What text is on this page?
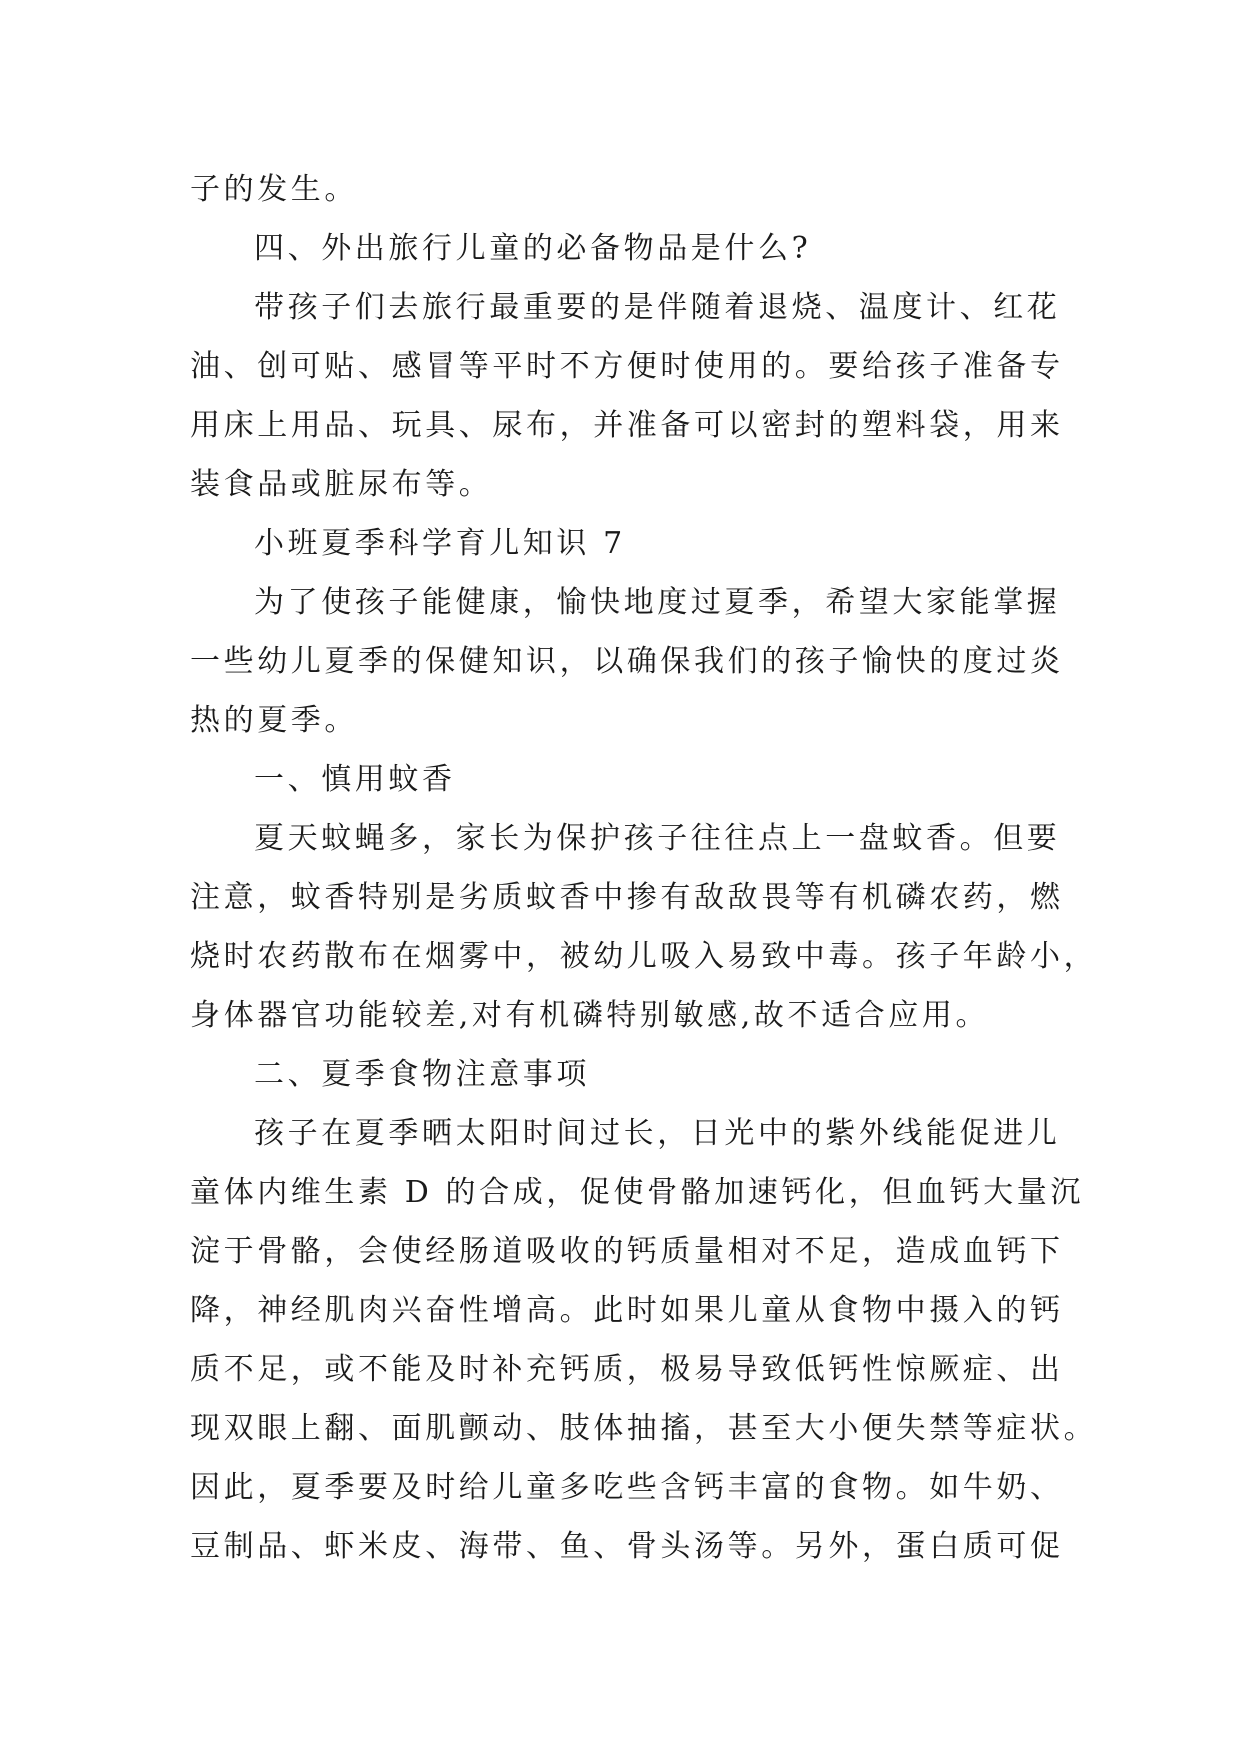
子的发生。
四、外出旅行儿童的必备物品是什么?
带孩子们去旅行最重要的是伴随着退烧、温度计、红花
油、创可贴、感冒等平时不方便时使用的。要给孩子准备专
用床上用品、玩具、尿布，并准备可以密封的塑料袋，用来
装食品或脏尿布等。
小班夏季科学育儿知识 7
为了使孩子能健康，愉快地度过夏季，希望大家能掌握
一些幼儿夏季的保健知识，以确保我们的孩子愉快的度过炎
热的夏季。
一、慎用蚊香
夏天蚊蝇多，家长为保护孩子往往点上一盘蚊香。但要
注意，蚊香特别是劣质蚊香中掺有敌敌畏等有机磷农药，燃
烧时农药散布在烟雾中，被幼儿吸入易致中毒。孩子年龄小，
身体器官功能较差,对有机磷特别敏感,故不适合应用。
二、夏季食物注意事项
孩子在夏季晒太阳时间过长，日光中的紫外线能促进儿
童体内维生素 D 的合成，促使骨骼加速钙化，但血钙大量沉
淀于骨骼，会使经肠道吸收的钙质量相对不足，造成血钙下
降，神经肌肉兴奋性增高。此时如果儿童从食物中摄入的钙
质不足，或不能及时补充钙质，极易导致低钙性惊厥症、出
现双眼上翻、面肌颤动、肢体抽搐，甚至大小便失禁等症状。
因此，夏季要及时给儿童多吃些含钙丰富的食物。如牛奶、
豆制品、虾米皮、海带、鱼、骨头汤等。另外，蛋白质可促
